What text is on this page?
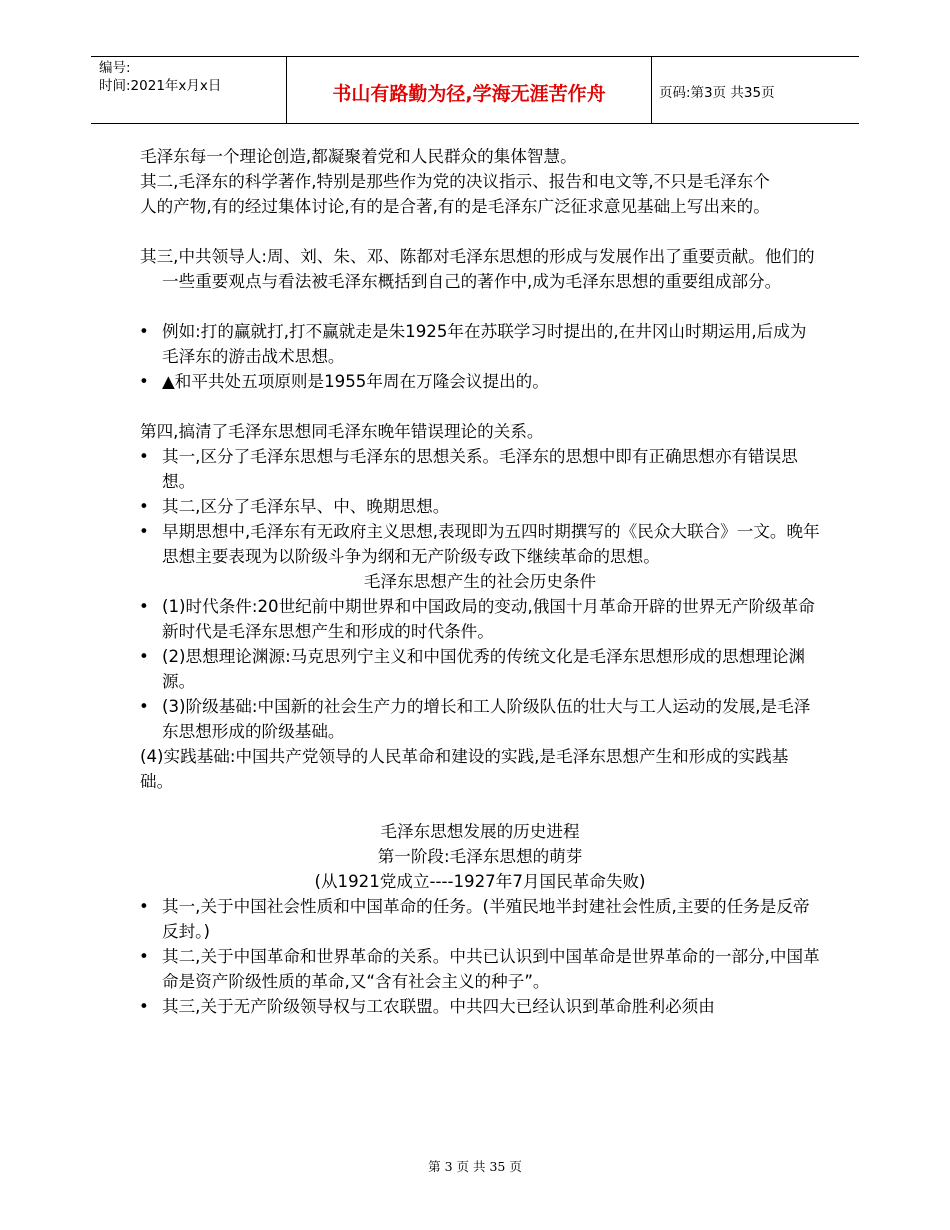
编号:
时间:2021年x月x日	书山有路勤为径,学海无涯苦作舟	页码:第3页 共35页

毛泽东每一个理论创造,都凝聚着党和人民群众的集体智慧。

其二,毛泽东的科学著作,特别是那些作为党的决议指示、报告和电文等,不只是毛泽东个

人的产物,有的经过集体讨论,有的是合著,有的是毛泽东广泛征求意见基础上写出来的。

其三,中共领导人:周、刘、朱、邓、陈都对毛泽东思想的形成与发展作出了重要贡献。他们的一些重要观点与看法被毛泽东概括到自己的著作中,成为毛泽东思想的重要组成部分。

• 例如:打的赢就打,打不赢就走是朱1925年在苏联学习时提出的,在井冈山时期运用,后成为毛泽东的游击战术思想。

• ▲和平共处五项原则是1955年周在万隆会议提出的。

第四,搞清了毛泽东思想同毛泽东晚年错误理论的关系。

• 其一,区分了毛泽东思想与毛泽东的思想关系。毛泽东的思想中即有正确思想亦有错误思想。

• 其二,区分了毛泽东早、中、晚期思想。

• 早期思想中,毛泽东有无政府主义思想,表现即为五四时期撰写的《民众大联合》一文。晚年思想主要表现为以阶级斗争为纲和无产阶级专政下继续革命的思想。

毛泽东思想产生的社会历史条件

• (1)时代条件:20世纪前中期世界和中国政局的变动,俄国十月革命开辟的世界无产阶级革命新时代是毛泽东思想产生和形成的时代条件。

• (2)思想理论渊源:马克思列宁主义和中国优秀的传统文化是毛泽东思想形成的思想理论渊源。

• (3)阶级基础:中国新的社会生产力的增长和工人阶级队伍的壮大与工人运动的发展,是毛泽东思想形成的阶级基础。

(4)实践基础:中国共产党领导的人民革命和建设的实践,是毛泽东思想产生和形成的实践基础。

毛泽东思想发展的历史进程

第一阶段:毛泽东思想的萌芽

(从1921党成立----1927年7月国民革命失败)

• 其一,关于中国社会性质和中国革命的任务。(半殖民地半封建社会性质,主要的任务是反帝反封。)

• 其二,关于中国革命和世界革命的关系。中共已认识到中国革命是世界革命的一部分,中国革命是资产阶级性质的革命,又“含有社会主义的种子”。

• 其三,关于无产阶级领导权与工农联盟。中共四大已经认识到革命胜利必须由

第 3 页 共 35 页
